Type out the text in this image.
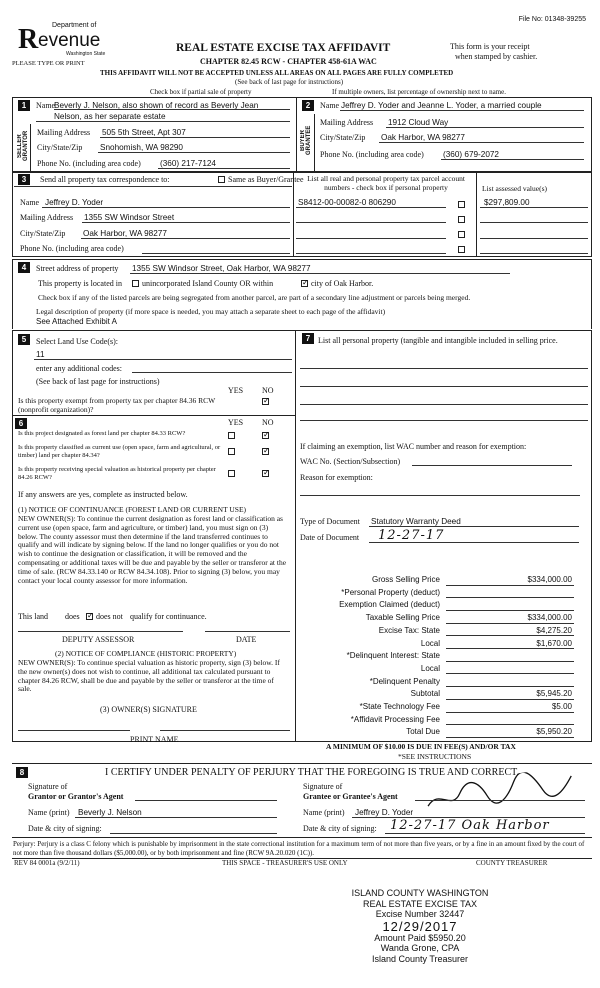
File No: 01348-39255
Department of
R evenue
Washington State
PLEASE TYPE OR PRINT
REAL ESTATE EXCISE TAX AFFIDAVIT
CHAPTER 82.45 RCW - CHAPTER 458-61A WAC
This form is your receipt
when stamped by cashier.
THIS AFFIDAVIT WILL NOT BE ACCEPTED UNLESS ALL AREAS ON ALL PAGES ARE FULLY COMPLETED
(See back of last page for instructions)
Check box if partial sale of property	If multiple owners, list percentage of ownership next to name.
1
SELLER GRANTOR
Name
Beverly J. Nelson, also shown of record as Beverly Jean
Nelson, as her separate estate
Mailing Address 505 5th Street, Apt 307
City/State/Zip Snohomish, WA 98290
Phone No. (including area code) (360) 217-7124
2
BUYER GRANTEE
Name Jeffrey D. Yoder and Jeanne L. Yoder, a married couple
Mailing Address 1912 Cloud Way
City/State/Zip Oak Harbor, WA 98277
Phone No. (including area code) (360) 679-2072
3	Send all property tax correspondence to:	Same as Buyer/Grantee
Name Jeffrey D. Yoder
Mailing Address 1355 SW Windsor Street
City/State/Zip Oak Harbor, WA 98277
Phone No. (including area code)
List all real and personal property tax parcel account numbers - check box if personal property	List assessed value(s)
S8412-00-00082-0 806290	$297,809.00
4	Street address of property 1355 SW Windsor Street, Oak Harbor, WA 98277
This property is located in	unincorporated Island County OR within ✓	city of Oak Harbor.
Check box if any of the listed parcels are being segregated from another parcel, are part of a secondary line adjustment or parcels being merged.
Legal description of property (if more space is needed, you may attach a separate sheet to each page of the affidavit)
See Attached Exhibit A
5	Select Land Use Code(s):
11
enter any additional codes:
(See back of last page for instructions)
YES NO
Is this property exempt from property tax per chapter 84.36 RCW (nonprofit organization)?
✓
6	YES NO
Is this project designated as forest land per chapter 84.33 RCW?
✓
Is this property classified as current use (open space, farm and agricultural, or timber) land per chapter 84.34?
✓
Is this property receiving special valuation as historical property per chapter 84.26 RCW?
✓
If any answers are yes, complete as instructed below.
(1) NOTICE OF CONTINUANCE (FOREST LAND OR CURRENT USE)
NEW OWNER(S): To continue the current designation as forest land or classification as current use (open space, farm and agriculture, or timber) land, you must sign on (3) below. The county assessor must then determine if the land transferred continues to qualify and will indicate by signing below. If the land no longer qualifies or you do not wish to continue the designation or classification, it will be removed and the compensating or additional taxes will be due and payable by the seller or transferor at the time of sale. (RCW 84.33.140 or RCW 84.34.108). Prior to signing (3) below, you may contact your local county assessor for more information.
This land does ✓ does not qualify for continuance.
DEPUTY ASSESSOR	DATE
(2) NOTICE OF COMPLIANCE (HISTORIC PROPERTY)
NEW OWNER(S): To continue special valuation as historic property, sign (3) below. If the new owner(s) does not wish to continue, all additional tax calculated pursuant to chapter 84.26 RCW, shall be due and payable by the seller or transferor at the time of sale.
(3) OWNER(S) SIGNATURE
PRINT NAME
7 List all personal property (tangible and intangible included in selling price.
If claiming an exemption, list WAC number and reason for exemption:
WAC No. (Section/Subsection)
Reason for exemption:
Type of Document Statutory Warranty Deed
Date of Document 12-27-17
Gross Selling Price	$334,000.00
*Personal Property (deduct)
Exemption Claimed (deduct)
Taxable Selling Price	$334,000.00
Excise Tax: State	$4,275.20
Local	$1,670.00
*Delinquent Interest: State
Local
*Delinquent Penalty
Subtotal	$5,945.20
*State Technology Fee	$5.00
*Affidavit Processing Fee
Total Due	$5,950.20
A MINIMUM OF $10.00 IS DUE IN FEE(S) AND/OR TAX
*SEE INSTRUCTIONS
8	I CERTIFY UNDER PENALTY OF PERJURY THAT THE FOREGOING IS TRUE AND CORRECT.
Signature of
Grantor or Grantor's Agent
Name (print) Beverly J. Nelson
Date & city of signing:
Signature of
Grantee or Grantee's Agent
Name (print) Jeffrey D. Yoder
Date & city of signing: 12-27-17 Oak Harbor
Perjury: Perjury is a class C felony which is punishable by imprisonment in the state correctional institution for a maximum term of not more than five years, or by a fine in an amount fixed by the court of not more than five thousand dollars ($5,000.00), or by both imprisonment and fine (RCW 9A.20.020 (1C)).
REV 84 0001a (9/2/11)	THIS SPACE - TREASURER'S USE ONLY	COUNTY TREASURER
ISLAND COUNTY WASHINGTON
REAL ESTATE EXCISE TAX
Excise Number 32447
12/29/2017
Amount Paid $5950.20
Wanda Grone, CPA
Island County Treasurer
